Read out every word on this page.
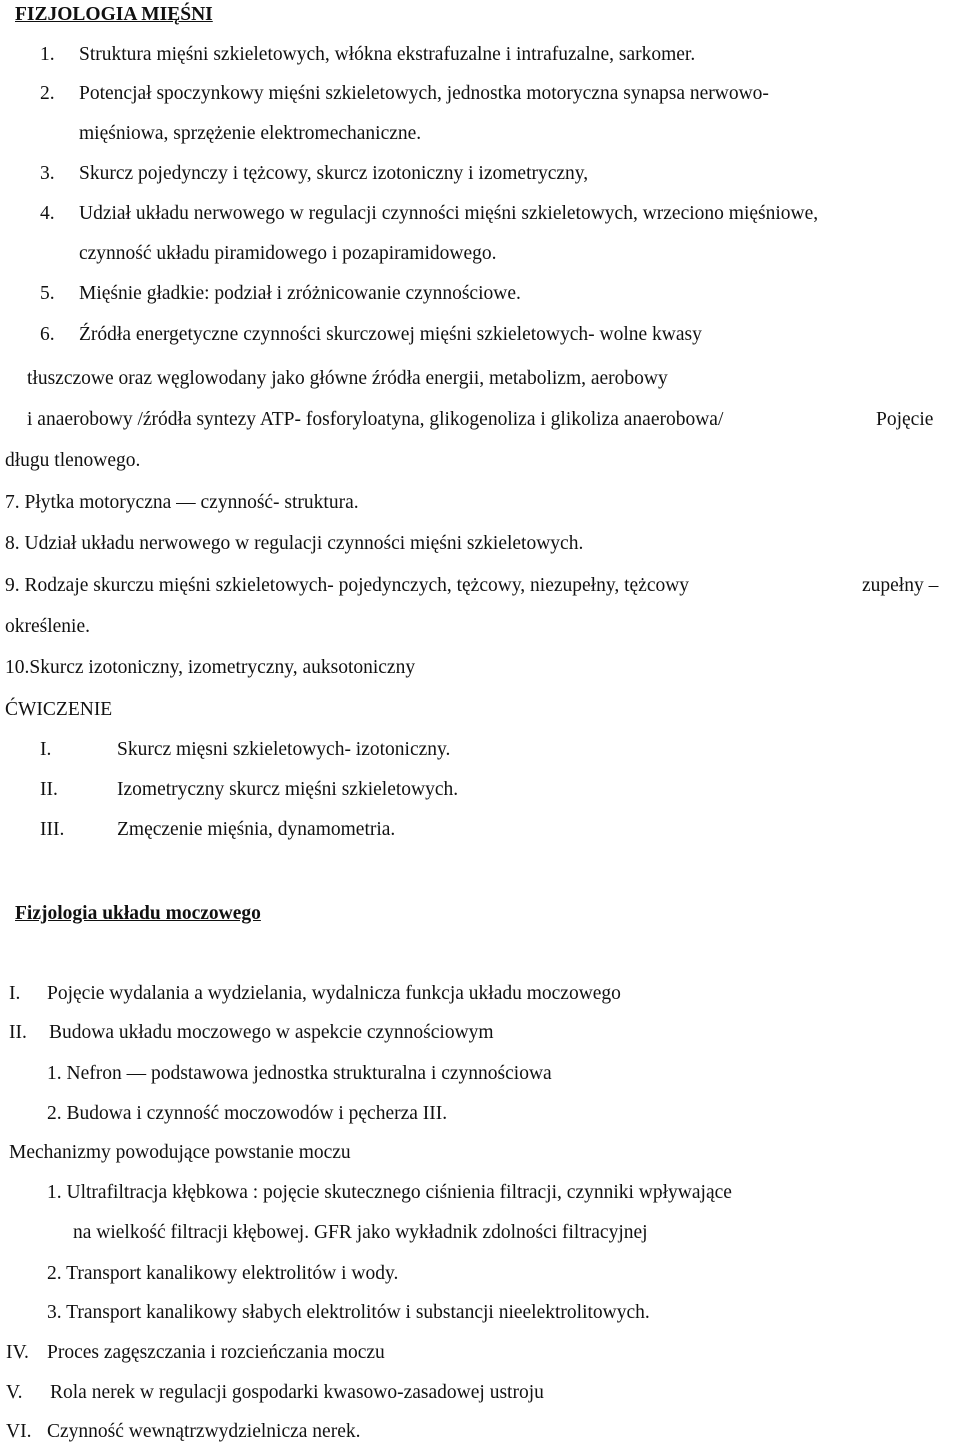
FIZJOLOGIA MIĘŚNI
1. Struktura mięśni szkieletowych, włókna ekstrafuzalne i intrafuzalne, sarkomer.
2. Potencjał spoczynkowy mięśni szkieletowych, jednostka motoryczna synapsa nerwowo-
mięśniowa, sprzężenie elektromechaniczne.
3. Skurcz pojedynczy i tężcowy, skurcz izotoniczny i izometryczny,
4. Udział układu nerwowego w regulacji czynności mięśni szkieletowych, wrzeciono mięśniowe,
czynność układu piramidowego i pozapiramidowego.
5. Mięśnie gładkie: podział i zróżnicowanie czynnościowe.
6. Źródła energetyczne czynności skurczowej mięśni szkieletowych- wolne kwasy
tłuszczowe oraz węglowodany jako główne źródła energii, metabolizm, aerobowy
i anaerobowy /źródła syntezy ATP- fosforyloatyna, glikogenoliza i glikoliza anaerobowa/	Pojęcie
długu tlenowego.
7. Płytka motoryczna — czynność- struktura.
8. Udział układu nerwowego w regulacji czynności mięśni szkieletowych.
9. Rodzaje skurczu mięśni szkieletowych- pojedynczych, tężcowy, niezupełny, tężcowy	zupełny –
określenie.
10.Skurcz izotoniczny, izometryczny, auksotoniczny
ĆWICZENIE
I.	Skurcz mięsni szkieletowych- izotoniczny.
II.	Izometryczny skurcz mięśni szkieletowych.
III.	Zmęczenie mięśnia, dynamometria.
Fizjologia układu moczowego
I. Pojęcie wydalania a wydzielania, wydalnicza funkcja układu moczowego
II. Budowa układu moczowego w aspekcie czynnościowym
1. Nefron — podstawowa jednostka strukturalna i czynnościowa
2. Budowa i czynność moczowodów i pęcherza III.
Mechanizmy powodujące powstanie moczu
1. Ultrafiltracja kłębkowa : pojęcie skutecznego ciśnienia filtracji, czynniki wpływające
na wielkość filtracji kłębowej. GFR jako wykładnik zdolności filtracyjnej
2. Transport kanalikowy elektrolitów i wody.
3. Transport kanalikowy słabych elektrolitów i substancji nieelektrolitowych.
IV. Proces zagęszczania i rozcieńczania moczu
V. Rola nerek w regulacji gospodarki kwasowo-zasadowej ustroju
VI. Czynność wewnątrzwydzielnicza nerek.
